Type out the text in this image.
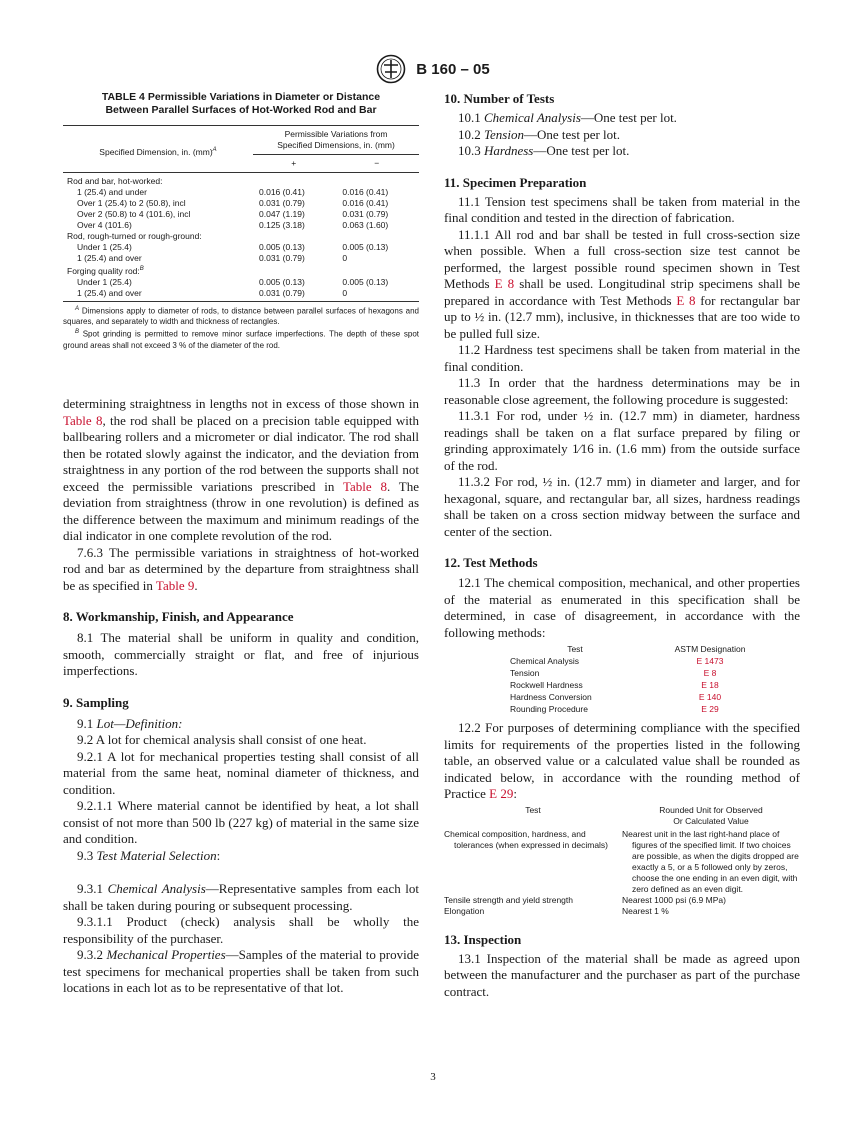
B 160 – 05
TABLE 4 Permissible Variations in Diameter or Distance
Between Parallel Surfaces of Hot-Worked Rod and Bar
Specified Dimension, in. (mm)$^A$	Permissible Variations from
Specified Dimensions, in. (mm)	

	+	−
Rod and bar, hot-worked:		
1 (25.4) and under	0.016 (0.41)	0.016 (0.41)
Over 1 (25.4) to 2 (50.8), incl	0.031 (0.79)	0.016 (0.41)
Over 2 (50.8) to 4 (101.6), incl	0.047 (1.19)	0.031 (0.79)
Over 4 (101.6)	0.125 (3.18)	0.063 (1.60)
Rod, rough-turned or rough-ground:		
Under 1 (25.4)	0.005 (0.13)	0.005 (0.13)
1 (25.4) and over	0.031 (0.79)	0
Forging quality rod:$^B$		
Under 1 (25.4)	0.005 (0.13)	0.005 (0.13)
1 (25.4) and over	0.031 (0.79)	0
$^A$ Dimensions apply to diameter of rods, to distance between parallel surfaces of hexagons and squares, and separately to width and thickness of rectangles.
$^B$ Spot grinding is permitted to remove minor surface imperfections. The depth of these spot ground areas shall not exceed 3 % of the diameter of the rod.

determining straightness in lengths not in excess of those shown in Table 8, the rod shall be placed on a precision table equipped with ballbearing rollers and a micrometer or dial indicator. The rod shall then be rotated slowly against the indicator, and the deviation from straightness in any portion of the rod between the supports shall not exceed the permissible variations prescribed in Table 8. The deviation from straightness (throw in one revolution) is defined as the difference between the maximum and minimum readings of the dial indicator in one complete revolution of the rod.

7.6.3 The permissible variations in straightness of hot-worked rod and bar as determined by the departure from straightness shall be as specified in Table 9.

8. Workmanship, Finish, and Appearance

8.1 The material shall be uniform in quality and condition, smooth, commercially straight or flat, and free of injurious imperfections.

9. Sampling

9.1 Lot—Definition:

9.2 A lot for chemical analysis shall consist of one heat.

9.2.1 A lot for mechanical properties testing shall consist of all material from the same heat, nominal diameter of thickness, and condition.

9.2.1.1 Where material cannot be identified by heat, a lot shall consist of not more than 500 lb (227 kg) of material in the same size and condition.

9.3 Test Material Selection:

9.3.1 Chemical Analysis—Representative samples from each lot shall be taken during pouring or subsequent processing.

9.3.1.1 Product (check) analysis shall be wholly the responsibility of the purchaser.

9.3.2 Mechanical Properties—Samples of the material to provide test specimens for mechanical properties shall be taken from such locations in each lot as to be representative of that lot.

10. Number of Tests

10.1 Chemical Analysis—One test per lot.

10.2 Tension—One test per lot.

10.3 Hardness—One test per lot.

11. Specimen Preparation

11.1 Tension test specimens shall be taken from material in the final condition and tested in the direction of fabrication.

11.1.1 All rod and bar shall be tested in full cross-section size when possible. When a full cross-section size test cannot be performed, the largest possible round specimen shown in Test Methods E 8 shall be used. Longitudinal strip specimens shall be prepared in accordance with Test Methods E 8 for rectangular bar up to ½ in. (12.7 mm), inclusive, in thicknesses that are too wide to be pulled full size.

11.2 Hardness test specimens shall be taken from material in the final condition.

11.3 In order that the hardness determinations may be in reasonable close agreement, the following procedure is suggested:

11.3.1 For rod, under ½ in. (12.7 mm) in diameter, hardness readings shall be taken on a flat surface prepared by filing or grinding approximately 1⁄16 in. (1.6 mm) from the outside surface of the rod.

11.3.2 For rod, ½ in. (12.7 mm) in diameter and larger, and for hexagonal, square, and rectangular bar, all sizes, hardness readings shall be taken on a cross section midway between the surface and center of the section.

12. Test Methods

12.1 The chemical composition, mechanical, and other properties of the material as enumerated in this specification shall be determined, in case of disagreement, in accordance with the following methods:

Test	ASTM Designation
Chemical Analysis	E 1473
Tension	E 8
Rockwell Hardness	E 18
Hardness Conversion	E 140
Rounding Procedure	E 29

12.2 For purposes of determining compliance with the specified limits for requirements of the properties listed in the following table, an observed value or a calculated value shall be rounded as indicated below, in accordance with the rounding method of Practice E 29:

Test	Rounded Unit for Observed
Or Calculated Value

Chemical composition, hardness, and tolerances (when expressed in decimals)	Nearest unit in the last right-hand place of figures of the specified limit. If two choices are possible, as when the digits dropped are exactly a 5, or a 5 followed only by zeros, choose the one ending in an even digit, with zero defined as an even digit.
Tensile strength and yield strength	Nearest 1000 psi (6.9 MPa)
Elongation	Nearest 1 %
13. Inspection

13.1 Inspection of the material shall be made as agreed upon between the manufacturer and the purchaser as part of the purchase contract.

3
